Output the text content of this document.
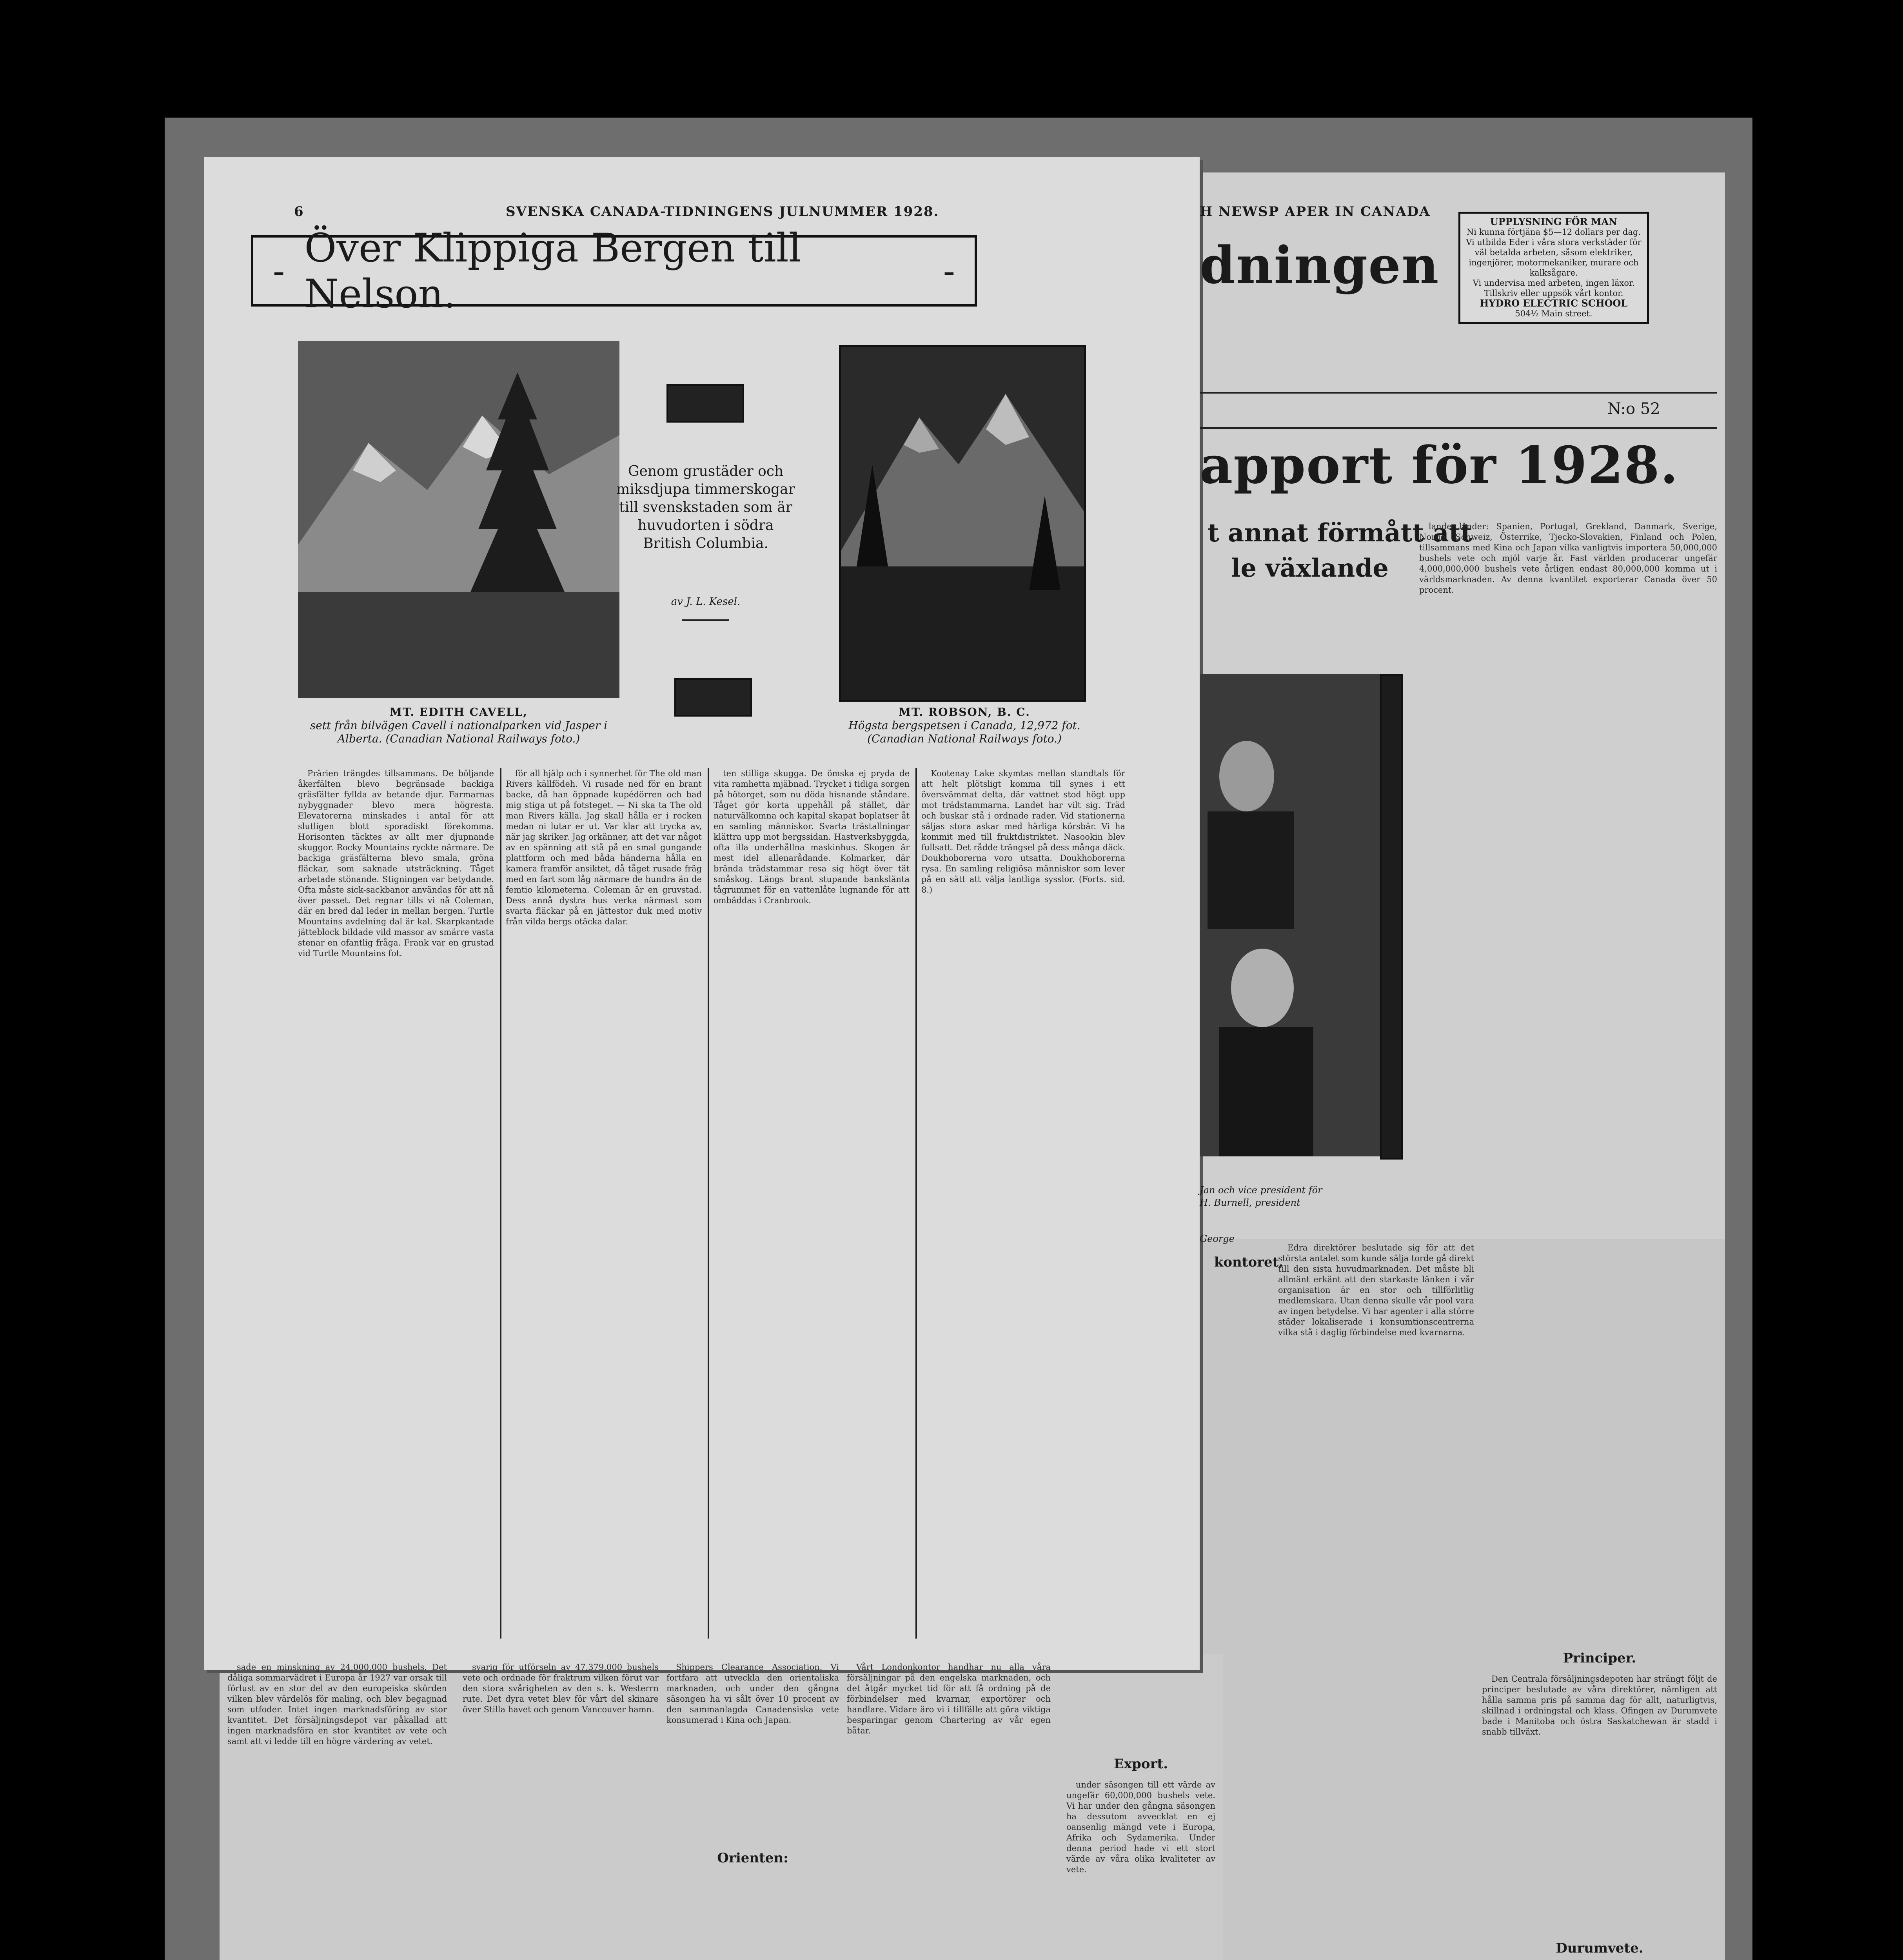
6	SVENSKA CANADA-TIDNINGENS JULNUMMER 1928.
- Över Klippiga Bergen till Nelson.	-
MT. EDITH CAVELL,
sett från bilvägen Cavell i nationalparken vid Jasper i Alberta. (Canadian National Railways foto.)
Genom grustäder och miksdjupa timmerskogar till svenskstaden som är huvudorten i södra British Columbia.
av J. L. Kesel.
MT. ROBSON, B. C.
Högsta bergspetsen i Canada, 12,972 fot. (Canadian National Railways foto.)

Prärien trängdes tillsammans. De böljande åkerfälten blevo begränsade backiga gräsfälter fyllda av betande djur. Farmarnas nybyggnader blevo mera högresta. Elevatorerna minskades i antal för att slutligen blott sporadiskt förekomma. Horisonten täcktes av allt mer djupnande skuggor. Rocky Mountains ryckte närmare. De backiga gräsfälterna blevo smala, gröna fläckar, som saknade utsträckning. Tåget arbetade stönande. Stigningen var betydande. Ofta måste sick-sackbanor användas för att nå över passet. Det regnar tills vi nå Coleman, där en bred dal leder in mellan bergen. Turtle Mountains avdelning dal är kal. Skarpkantade jätteblock bildade vild massor av smärre vasta stenar en ofantlig fråga. Frank var en grustad vid Turtle Mountains fot.

för all hjälp och i synnerhet för The old man Rivers källfödeh. Vi rusade ned för en brant backe, då han öppnade kupédörren och bad mig stiga ut på fotsteget. — Ni ska ta The old man Rivers källa. Jag skall hålla er i rocken medan ni lutar er ut. Var klar att trycka av, när jag skriker. Jag orkänner, att det var något av en spänning att stå på en smal gungande plattform och med båda händerna hålla en kamera framför ansiktet, då tåget rusade fräg med en fart som låg närmare de hundra än de femtio kilometerna. Coleman är en gruvstad. Dess annå dystra hus verka närmast som svarta fläckar på en jättestor duk med motiv från vilda bergs otäcka dalar.

ten stilliga skugga. De ömska ej pryda de vita ramhetta mjäbnad. Trycket i tidiga sorgen på hötorget, som nu döda hisnande ståndare. Tåget gör korta uppehåll på stället, där naturvälkomna och kapital skapat boplatser åt en samling människor. Svarta trästallningar klättra upp mot bergssidan. Hastverksbyggda, ofta illa underhållna maskinhus. Skogen är mest idel allenarådande. Kolmarker, där brända trädstammar resa sig högt över tät småskog. Längs brant stupande bankslänta tågrummet för en vattenlåte lugnande för att ombäddas i Cranbrook.

Kootenay Lake skymtas mellan stundtals för att helt plötsligt komma till synes i ett översvämmat delta, där vattnet stod högt upp mot trädstammarna. Landet har vilt sig. Träd och buskar stå i ordnade rader. Vid stationerna säljas stora askar med härliga körsbär. Vi ha kommit med till fruktdistriktet. Nasookin blev fullsatt. Det rådde trängsel på dess många däck. Doukhoborerna voro utsatta. Doukhoborerna rysa. En samling religiösa människor som lever på en sätt att välja lantliga sysslor. (Forts. sid. 8.)

H NEWSP APER IN CANADA
dningen
UPPLYSNING FÖR MAN
Ni kunna förtjäna $5—12 dollars per dag.
Vi utbilda Eder i våra stora verkstäder för väl betalda arbeten, såsom elektriker, ingenjörer, motormekaniker, murare och kalksågare.
Vi undervisa med arbeten, ingen läxor. Tillskriv eller uppsök vårt kontor.
HYDRO ELECTRIC SCHOOL
504½ Main street.
N:o 52
apport för 1928.
t annat förmått att
le växlande
Jan och vice president för
H. Burnell, president
George

lande länder: Spanien, Portugal, Grekland, Danmark, Sverige, Norge, Schweiz, Österrike, Tjecko-Slovakien, Finland och Polen, tillsammans med Kina och Japan vilka vanligtvis importera 50,000,000 bushels vete och mjöl varje år. Fast världen producerar ungefär 4,000,000,000 bushels vete årligen endast 80,000,000 komma ut i världsmarknaden. Av denna kvantitet exporterar Canada över 50 procent.

kontoret.

Edra direktörer beslutade sig för att det största antalet som kunde sälja torde gå direkt till den sista huvudmarknaden. Det måste bli allmänt erkänt att den starkaste länken i vår organisation är en stor och tillförlitlig medlemskara. Utan denna skulle vår pool vara av ingen betydelse. Vi har agenter i alla större städer lokaliserade i konsumtionscentrerna vilka stå i daglig förbindelse med kvarnarna.

Principer.

Den Centrala försäljningsdepoten har strängt följt de principer beslutade av våra direktörer, nämligen att hålla samma pris på samma dag för allt, naturligtvis, skillnad i ordningstal och klass. Ofingen av Durumvete bade i Manitoba och östra Saskatchewan är stadd i snabb tillväxt.

Durumvete.

sade en minskning av 24,000,000 bushels. Det dåliga sommarvädret i Europa år 1927 var orsak till förlust av en stor del av den europeiska skörden vilken blev värdelös för maling, och blev begagnad som utfoder. Intet ingen marknadsföring av stor kvantitet. Det försäljningsdepot var påkallad att ingen marknadsföra en stor kvantitet av vete och samt att vi ledde till en högre värdering av vetet.

svarig för utförseln av 47,379,000 bushels vete och ordnade för fraktrum vilken förut var den stora svårigheten av den s. k. Westerrn rute. Det dyra vetet blev för vårt del skinare över Stilla havet och genom Vancouver hamn.

Orienten:

Shippers Clearance Association. Vi fortfara att utveckla den orientaliska marknaden, och under den gångna säsongen ha vi sålt över 10 procent av den sammanlagda Canadensiska vete konsumerad i Kina och Japan.

Vårt Londonkontor handhar nu alla våra försäljningar på den engelska marknaden, och det åtgår mycket tid för att få ordning på de förbindelser med kvarnar, exportörer och handlare. Vidare äro vi i tillfälle att göra viktiga besparingar genom Chartering av vår egen båtar.

Export.

under säsongen till ett värde av ungefär 60,000,000 bushels vete. Vi har under den gångna säsongen ha dessutom avvecklat en ej oansenlig mängd vete i Europa, Afrika och Sydamerika. Under denna period hade vi ett stort värde av våra olika kvaliteter av vete.
